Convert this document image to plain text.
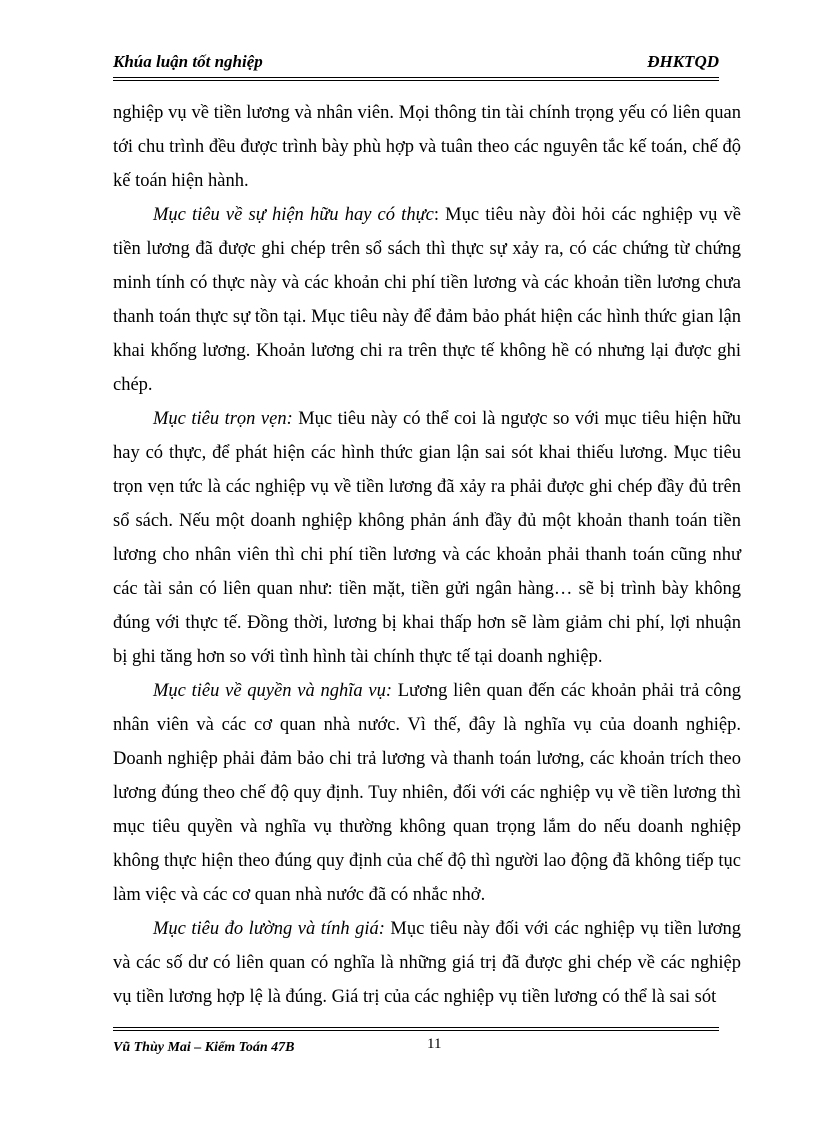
Khúa luận tốt nghiệp	ĐHKTQD

nghiệp vụ về tiền lương và nhân viên. Mọi thông tin tài chính trọng yếu có liên quan tới chu trình đều được trình bày phù hợp và tuân theo các nguyên tắc kế toán, chế độ kế toán hiện hành.

Mục tiêu về sự hiện hữu hay có thực: Mục tiêu này đòi hỏi các nghiệp vụ về tiền lương đã được ghi chép trên sổ sách thì thực sự xảy ra, có các chứng từ chứng minh tính có thực này và các khoản chi phí tiền lương và các khoản tiền lương chưa thanh toán thực sự tồn tại. Mục tiêu này để đảm bảo phát hiện các hình thức gian lận khai khống lương. Khoản lương chi ra trên thực tế không hề có nhưng lại được ghi chép.

Mục tiêu trọn vẹn: Mục tiêu này có thể coi là ngược so với mục tiêu hiện hữu hay có thực, để phát hiện các hình thức gian lận sai sót khai thiếu lương. Mục tiêu trọn vẹn tức là các nghiệp vụ về tiền lương đã xảy ra phải được ghi chép đầy đủ trên sổ sách. Nếu một doanh nghiệp không phản ánh đầy đủ một khoản thanh toán tiền lương cho nhân viên thì chi phí tiền lương và các khoản phải thanh toán cũng như các tài sản có liên quan như: tiền mặt, tiền gửi ngân hàng… sẽ bị trình bày không đúng với thực tế. Đồng thời, lương bị khai thấp hơn sẽ làm giảm chi phí, lợi nhuận bị ghi tăng hơn so với tình hình tài chính thực tế tại doanh nghiệp.

Mục tiêu về quyền và nghĩa vụ: Lương liên quan đến các khoản phải trả công nhân viên và các cơ quan nhà nước. Vì thế, đây là nghĩa vụ của doanh nghiệp. Doanh nghiệp phải đảm bảo chi trả lương và thanh toán lương, các khoản trích theo lương đúng theo chế độ quy định. Tuy nhiên, đối với các nghiệp vụ về tiền lương thì mục tiêu quyền và nghĩa vụ thường không quan trọng lắm do nếu doanh nghiệp không thực hiện theo đúng quy định của chế độ thì người lao động đã không tiếp tục làm việc và các cơ quan nhà nước đã có nhắc nhở.

Mục tiêu đo lường và tính giá: Mục tiêu này đối với các nghiệp vụ tiền lương và các số dư có liên quan có nghĩa là những giá trị đã được ghi chép về các nghiệp vụ tiền lương hợp lệ là đúng. Giá trị của các nghiệp vụ tiền lương có thể là sai sót

Vũ Thùy Mai – Kiểm Toán 47B	11
